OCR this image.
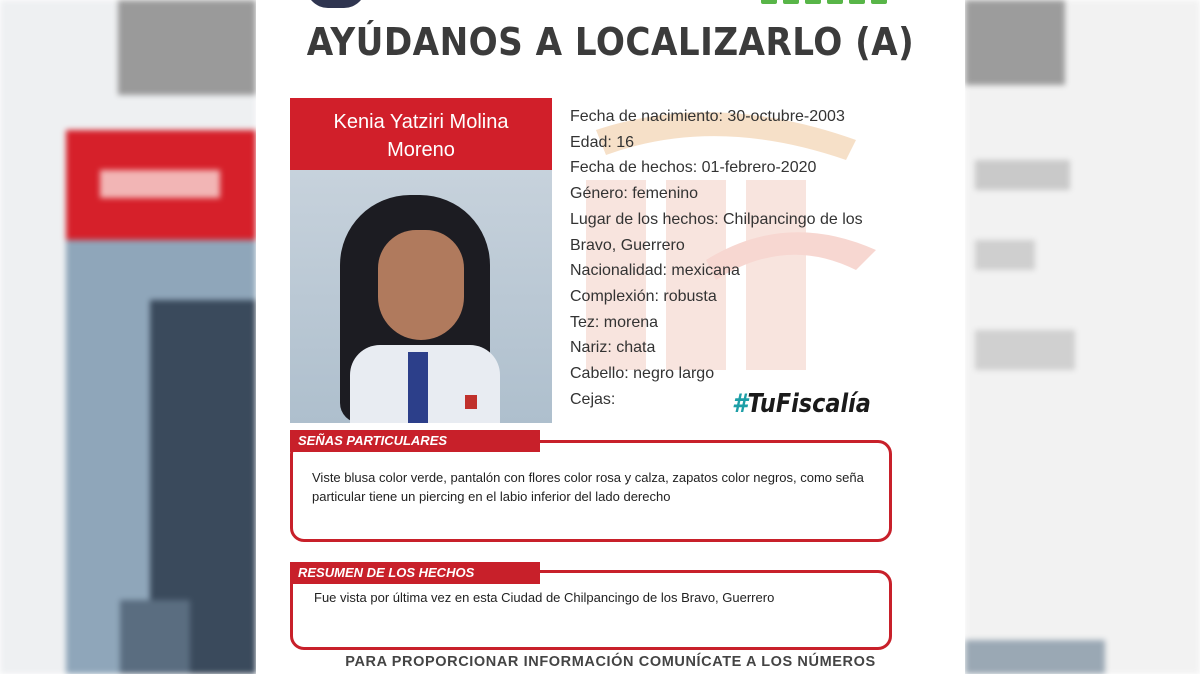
AYÚDANOS A LOCALIZARLO (A)
Kenia Yatziri Molina
Moreno
Fecha de nacimiento: 30-octubre-2003
Edad: 16
Fecha de hechos: 01-febrero-2020
Género: femenino
Lugar de los hechos: Chilpancingo de los Bravo, Guerrero
Nacionalidad: mexicana
Complexión: robusta
Tez: morena
Nariz: chata
Cabello: negro largo
Cejas:	#TuFiscalía
SEÑAS PARTICULARES
Viste blusa color verde, pantalón con flores color rosa y calza, zapatos color negros, como seña particular tiene un piercing en el labio inferior del lado derecho
RESUMEN DE LOS HECHOS
Fue vista por última vez en esta Ciudad de Chilpancingo de los Bravo, Guerrero
PARA PROPORCIONAR INFORMACIÓN COMUNÍCATE A LOS NÚMEROS
